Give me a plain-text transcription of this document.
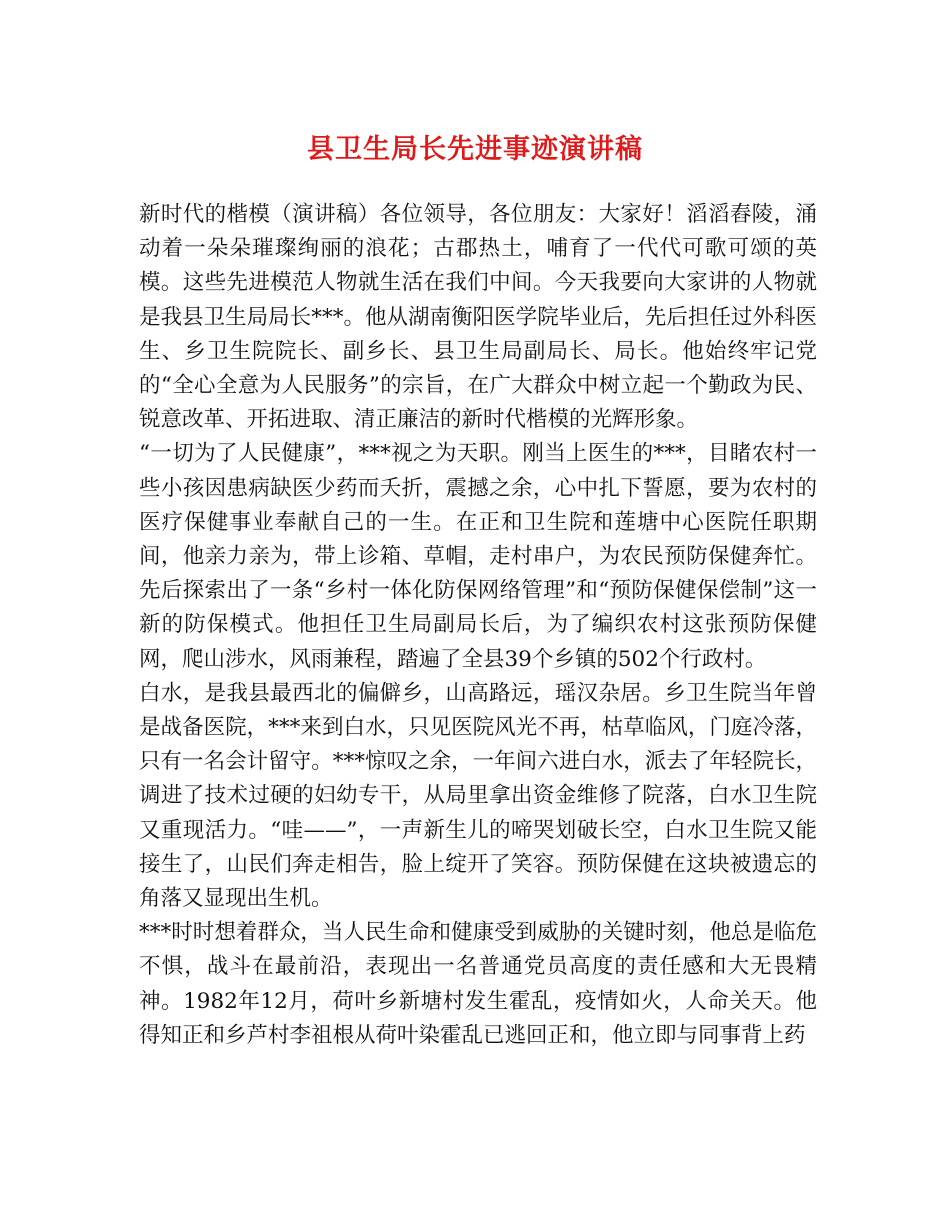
县卫生局长先进事迹演讲稿

新时代的楷模（演讲稿）各位领导，各位朋友：大家好！滔滔舂陵，涌动着一朵朵璀璨绚丽的浪花；古郡热土，哺育了一代代可歌可颂的英模。这些先进模范人物就生活在我们中间。今天我要向大家讲的人物就是我县卫生局局长***。他从湖南衡阳医学院毕业后，先后担任过外科医生、乡卫生院院长、副乡长、县卫生局副局长、局长。他始终牢记党的“全心全意为人民服务”的宗旨，在广大群众中树立起一个勤政为民、锐意改革、开拓进取、清正廉洁的新时代楷模的光辉形象。

“一切为了人民健康”，***视之为天职。刚当上医生的***，目睹农村一些小孩因患病缺医少药而夭折，震撼之余，心中扎下誓愿，要为农村的医疗保健事业奉献自己的一生。在正和卫生院和莲塘中心医院任职期间，他亲力亲为，带上诊箱、草帽，走村串户，为农民预防保健奔忙。先后探索出了一条“乡村一体化防保网络管理”和“预防保健保偿制”这一新的防保模式。他担任卫生局副局长后，为了编织农村这张预防保健网，爬山涉水，风雨兼程，踏遍了全县39个乡镇的502个行政村。

白水，是我县最西北的偏僻乡，山高路远，瑶汉杂居。乡卫生院当年曾是战备医院，***来到白水，只见医院风光不再，枯草临风，门庭冷落，只有一名会计留守。***惊叹之余，一年间六进白水，派去了年轻院长，调进了技术过硬的妇幼专干，从局里拿出资金维修了院落，白水卫生院又重现活力。“哇——”，一声新生儿的啼哭划破长空，白水卫生院又能接生了，山民们奔走相告，脸上绽开了笑容。预防保健在这块被遗忘的角落又显现出生机。

***时时想着群众，当人民生命和健康受到威胁的关键时刻，他总是临危不惧，战斗在最前沿，表现出一名普通党员高度的责任感和大无畏精神。1982年12月，荷叶乡新塘村发生霍乱，疫情如火，人命关天。他得知正和乡芦村李祖根从荷叶染霍乱已逃回正和，他立即与同事背上药
